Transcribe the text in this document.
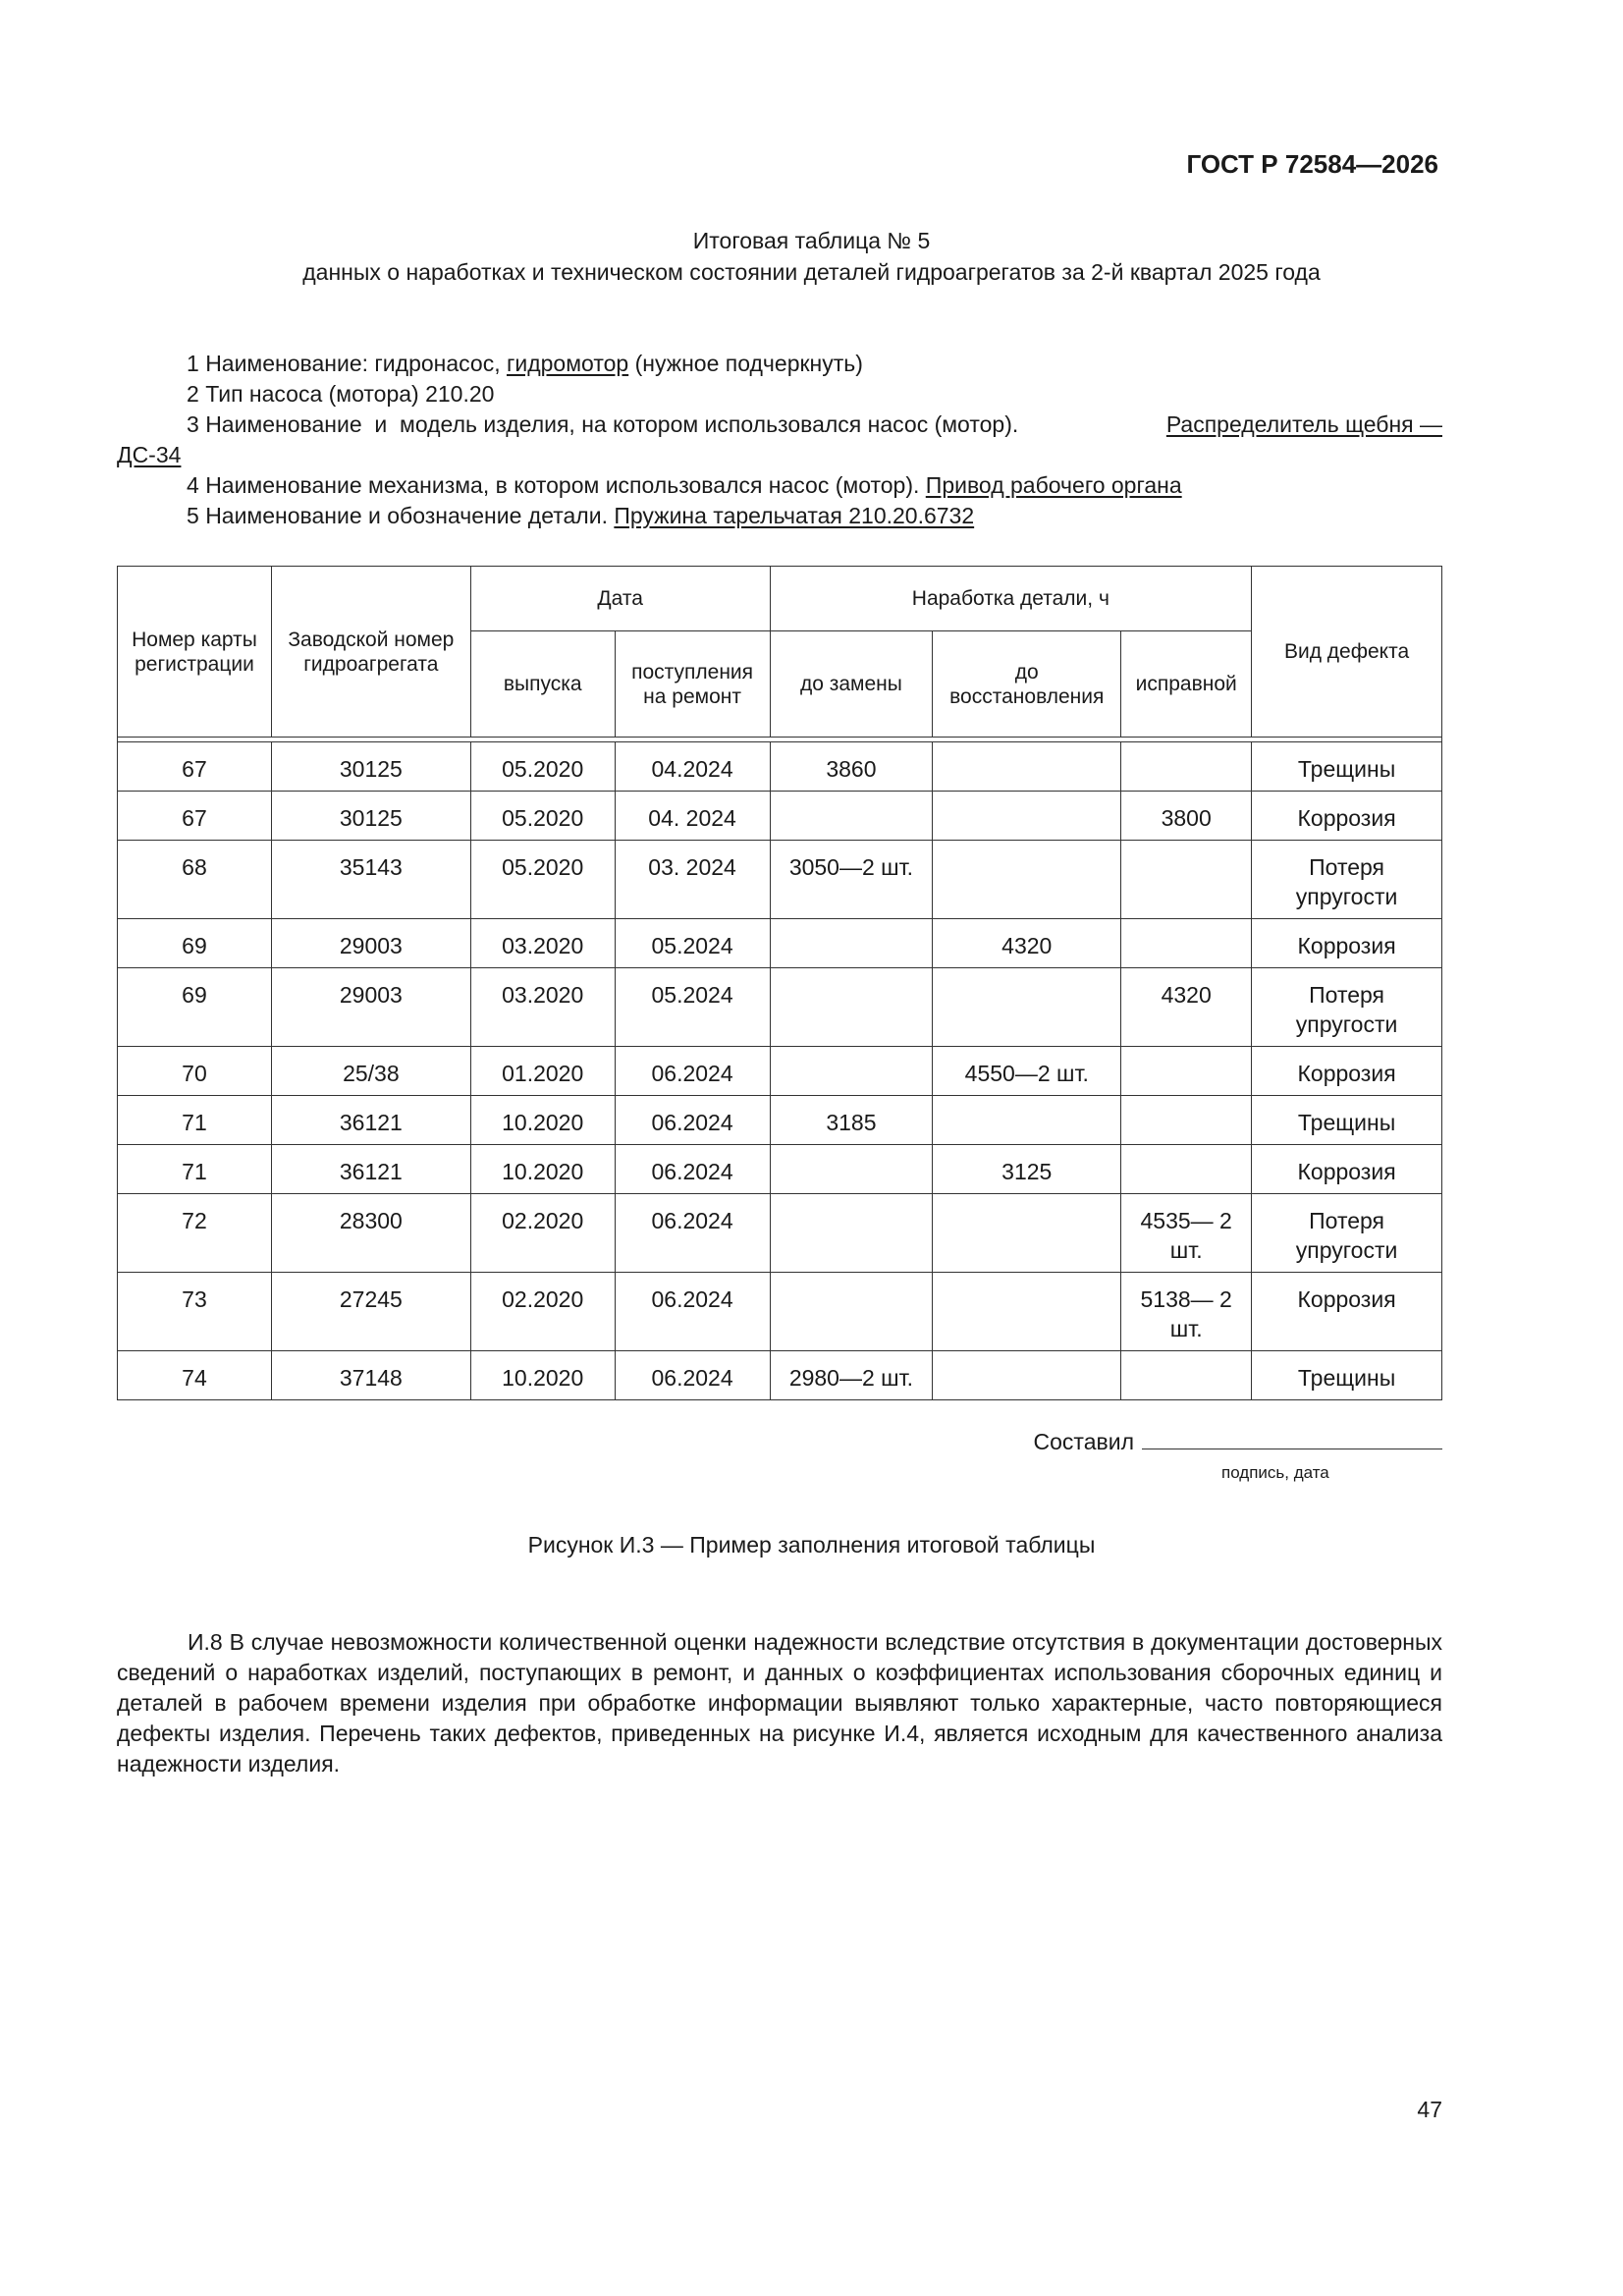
ГОСТ Р 72584—2026
Итоговая таблица № 5
данных о наработках и техническом состоянии деталей гидроагрегатов за 2-й квартал 2025 года
1 Наименование: гидронасос, гидромотор (нужное подчеркнуть)
2 Тип насоса (мотора) 210.20
3
Наименование  и  модель изделия, на котором использовался насос (мотор).	Распределитель щебня —
ДС-34
4 Наименование механизма, в котором использовался насос (мотор). Привод рабочего органа
5 Наименование и обозначение детали. Пружина тарельчатая 210.20.6732
Номер карты регистрации	Заводской номер гидроагрегата	Дата		Наработка детали, ч			Вид дефекта
		выпуска	поступления на ремонт	до замены	до восстановления	исправной	

67	30125	05.2020	04.2024	3860			Трещины
67	30125	05.2020	04. 2024			3800	Коррозия
68	35143	05.2020	03. 2024	3050—2 шт.			Потеря упругости
69	29003	03.2020	05.2024		4320		Коррозия
69	29003	03.2020	05.2024			4320	Потеря упругости
70	25/38	01.2020	06.2024		4550—2 шт.		Коррозия
71	36121	10.2020	06.2024	3185			Трещины
71	36121	10.2020	06.2024		3125		Коррозия
72	28300	02.2020	06.2024			4535— 2 шт.	Потеря упругости
73	27245	02.2020	06.2024			5138— 2 шт.	Коррозия
74	37148	10.2020	06.2024	2980—2 шт.			Трещины
Составил
подпись, дата
Рисунок И.3 — Пример заполнения итоговой таблицы
И.8 В случае невозможности количественной оценки надежности вследствие отсутствия в документации достоверных сведений о наработках изделий, поступающих в ремонт, и данных о коэффициентах использования сборочных единиц и деталей в рабочем времени изделия при обработке информации выявляют только характерные, часто повторяющиеся дефекты изделия. Перечень таких дефектов, приведенных на рисунке И.4, является исходным для качественного анализа надежности изделия.
47
